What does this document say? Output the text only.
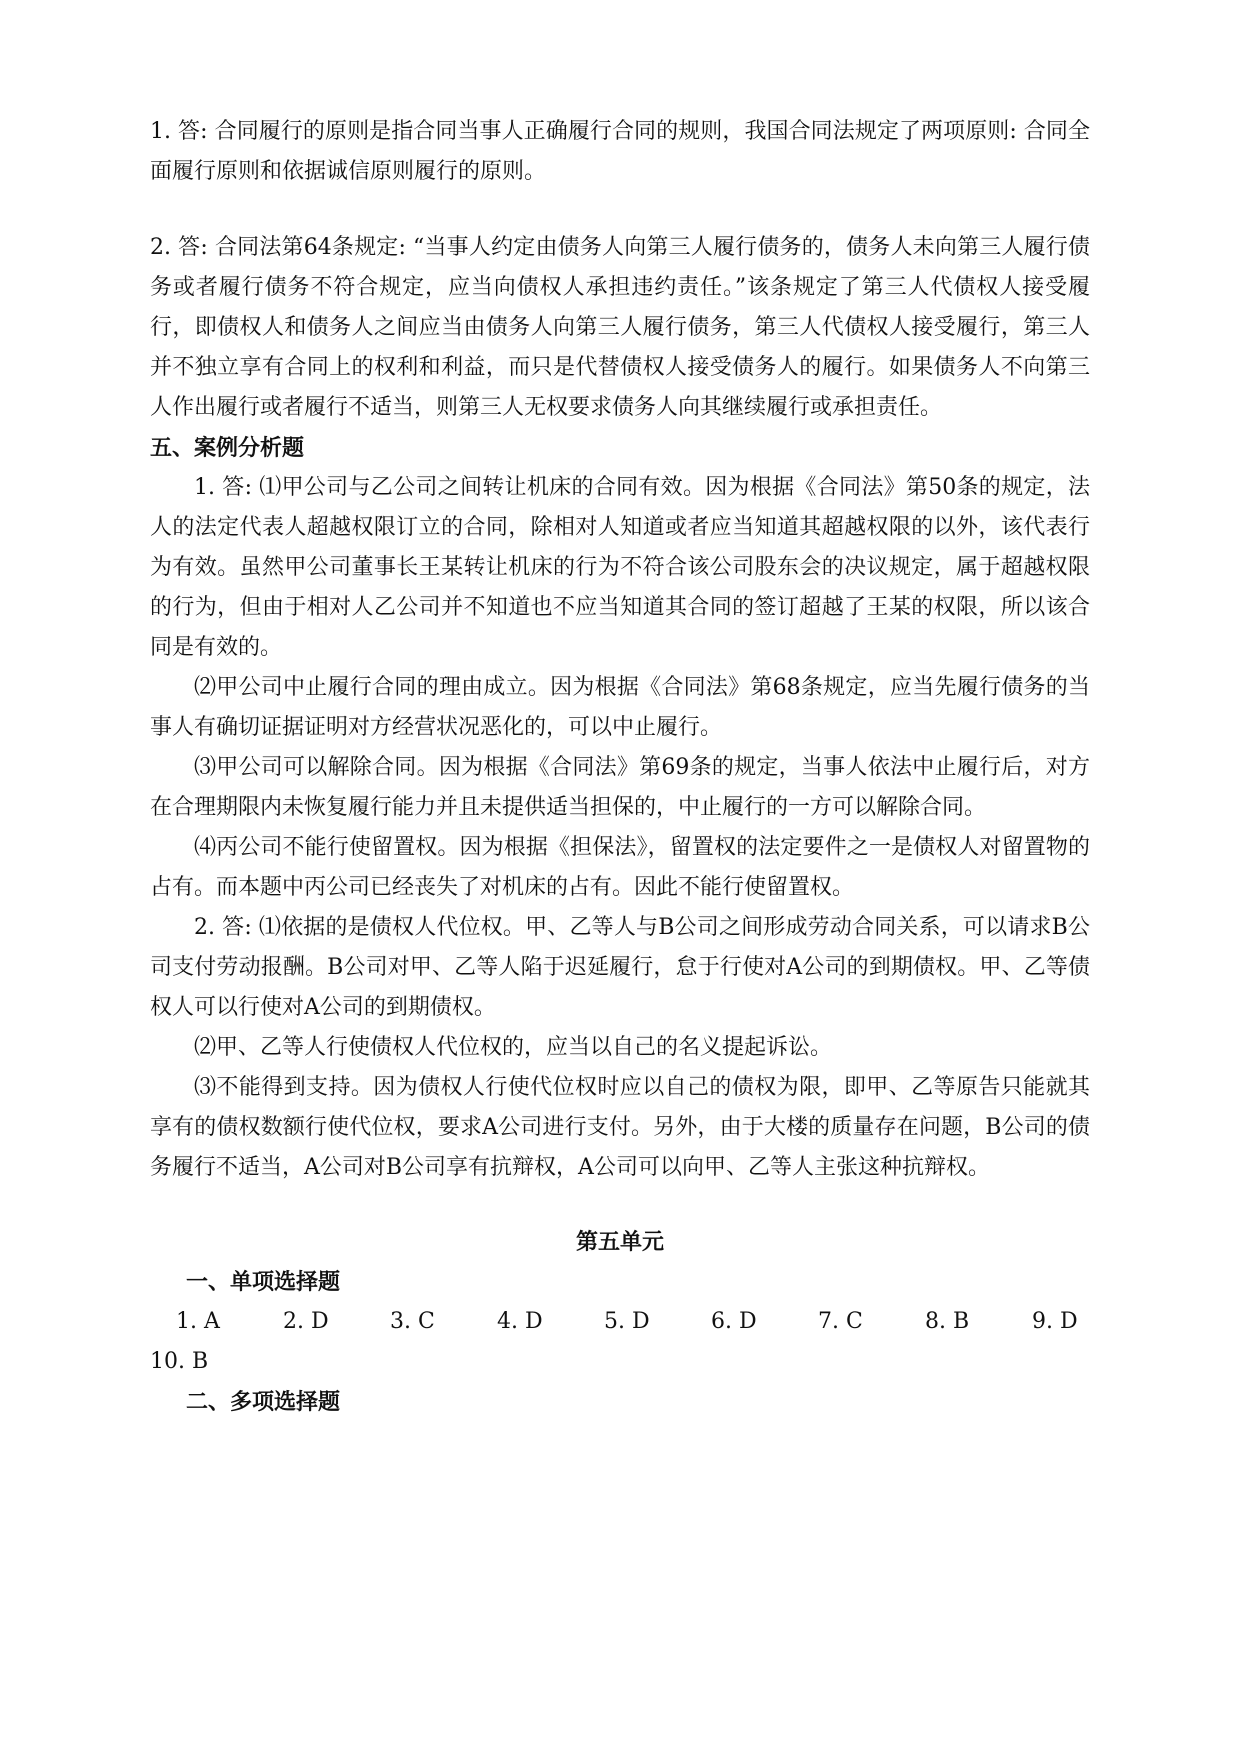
1. 答: 合同履行的原则是指合同当事人正确履行合同的规则，我国合同法规定了两项原则: 合同全面履行原则和依据诚信原则履行的原则。

2. 答: 合同法第64条规定: “当事人约定由债务人向第三人履行债务的，债务人未向第三人履行债务或者履行债务不符合规定，应当向债权人承担违约责任。”该条规定了第三人代债权人接受履行，即债权人和债务人之间应当由债务人向第三人履行债务，第三人代债权人接受履行，第三人并不独立享有合同上的权利和利益，而只是代替债权人接受债务人的履行。如果债务人不向第三人作出履行或者履行不适当，则第三人无权要求债务人向其继续履行或承担责任。

五、案例分析题

1. 答: ⑴甲公司与乙公司之间转让机床的合同有效。因为根据《合同法》第50条的规定，法人的法定代表人超越权限订立的合同，除相对人知道或者应当知道其超越权限的以外，该代表行为有效。虽然甲公司董事长王某转让机床的行为不符合该公司股东会的决议规定，属于超越权限的行为，但由于相对人乙公司并不知道也不应当知道其合同的签订超越了王某的权限，所以该合同是有效的。

⑵甲公司中止履行合同的理由成立。因为根据《合同法》第68条规定，应当先履行债务的当事人有确切证据证明对方经营状况恶化的，可以中止履行。

⑶甲公司可以解除合同。因为根据《合同法》第69条的规定，当事人依法中止履行后，对方在合理期限内未恢复履行能力并且未提供适当担保的，中止履行的一方可以解除合同。

⑷丙公司不能行使留置权。因为根据《担保法》，留置权的法定要件之一是债权人对留置物的占有。而本题中丙公司已经丧失了对机床的占有。因此不能行使留置权。

2. 答: ⑴依据的是债权人代位权。甲、乙等人与B公司之间形成劳动合同关系，可以请求B公司支付劳动报酬。B公司对甲、乙等人陷于迟延履行，怠于行使对A公司的到期债权。甲、乙等债权人可以行使对A公司的到期债权。

⑵甲、乙等人行使债权人代位权的，应当以自己的名义提起诉讼。

⑶不能得到支持。因为债权人行使代位权时应以自己的债权为限，即甲、乙等原告只能就其享有的债权数额行使代位权，要求A公司进行支付。另外，由于大楼的质量存在问题，B公司的债务履行不适当，A公司对B公司享有抗辩权，A公司可以向甲、乙等人主张这种抗辩权。

第五单元

一、单项选择题

1. A	2. D	3. C	4. D	5. D	6. D	7. C	8. B	9. D
10. B

二、多项选择题
